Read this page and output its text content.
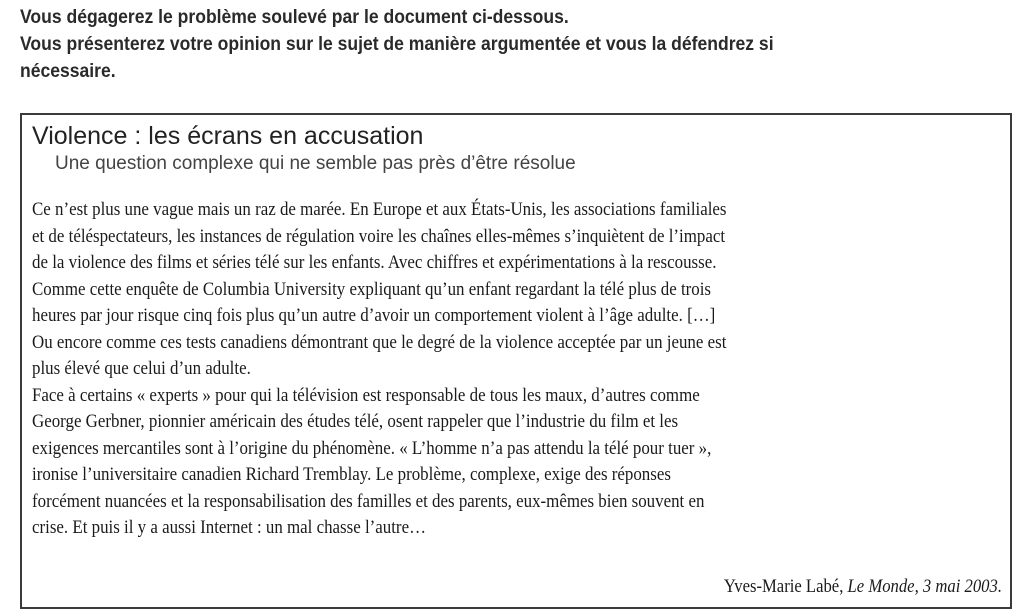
Vous dégagerez le problème soulevé par le document ci-dessous.

Vous présenterez votre opinion sur le sujet de manière argumentée et vous la défendrez si

nécessaire.

Violence : les écrans en accusation
Une question complexe qui ne semble pas près d’être résolue
Ce n’est plus une vague mais un raz de marée. En Europe et aux États-Unis, les associations familiales
et de téléspectateurs, les instances de régulation voire les chaînes elles-mêmes s’inquiètent de l’impact
de la violence des films et séries télé sur les enfants. Avec chiffres et expérimentations à la rescousse.
Comme cette enquête de Columbia University expliquant qu’un enfant regardant la télé plus de trois
heures par jour risque cinq fois plus qu’un autre d’avoir un comportement violent à l’âge adulte. […]
Ou encore comme ces tests canadiens démontrant que le degré de la violence acceptée par un jeune est
plus élevé que celui d’un adulte.
Face à certains « experts » pour qui la télévision est responsable de tous les maux, d’autres comme
George Gerbner, pionnier américain des études télé, osent rappeler que l’industrie du film et les
exigences mercantiles sont à l’origine du phénomène. « L’homme n’a pas attendu la télé pour tuer »,
ironise l’universitaire canadien Richard Tremblay. Le problème, complexe, exige des réponses
forcément nuancées et la responsabilisation des familles et des parents, eux-mêmes bien souvent en
crise. Et puis il y a aussi Internet : un mal chasse l’autre…
Yves-Marie Labé, Le Monde, 3 mai 2003.
